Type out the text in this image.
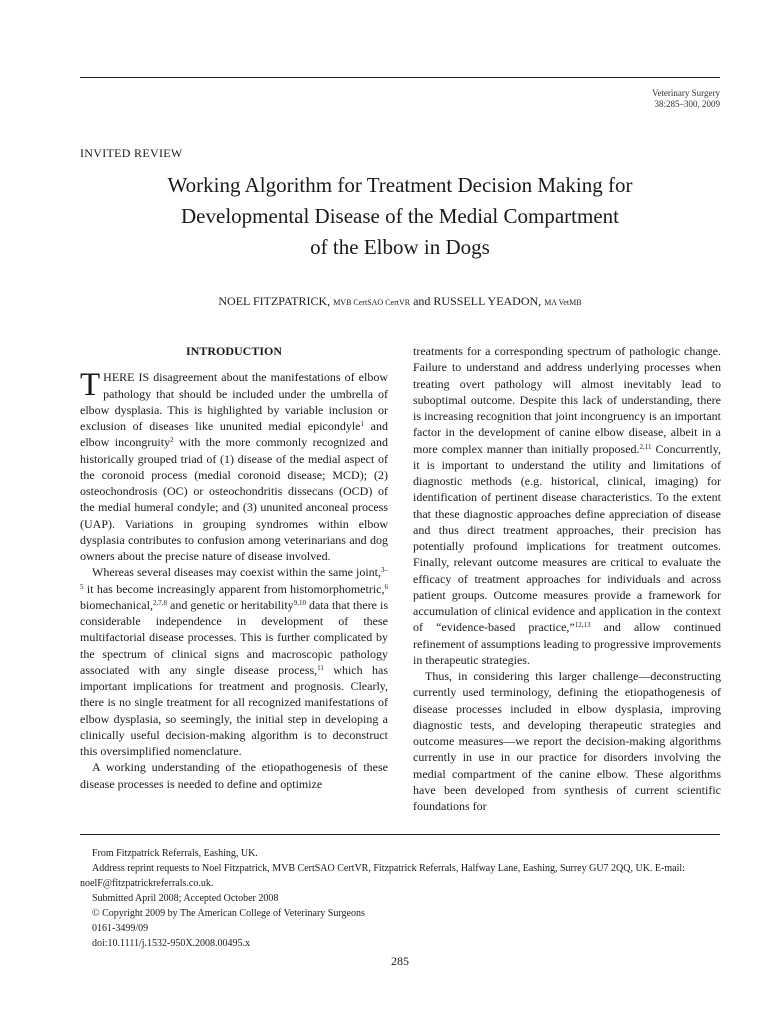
Veterinary Surgery
38:285–300, 2009
INVITED REVIEW
Working Algorithm for Treatment Decision Making for
Developmental Disease of the Medial Compartment
of the Elbow in Dogs
NOEL FITZPATRICK, MVB CertSAO CertVR and RUSSELL YEADON, MA VetMB
INTRODUCTION

THERE IS disagreement about the manifestations of elbow pathology that should be included under the umbrella of elbow dysplasia. This is highlighted by variable inclusion or exclusion of diseases like ununited medial epicondyle$^1$ and elbow incongruity$^2$ with the more commonly recognized and historically grouped triad of (1) disease of the medial aspect of the coronoid process (medial coronoid disease; MCD); (2) osteochondrosis (OC) or osteochondritis dissecans (OCD) of the medial humeral condyle; and (3) ununited anconeal process (UAP). Variations in grouping syndromes within elbow dysplasia contributes to confusion among veterinarians and dog owners about the precise nature of disease involved.

Whereas several diseases may coexist within the same joint,$^{3-5}$ it has become increasingly apparent from histomorphometric,$^6$ biomechanical,$^{2,7,8}$ and genetic or heritability$^{9,10}$ data that there is considerable independence in development of these multifactorial disease processes. This is further complicated by the spectrum of clinical signs and macroscopic pathology associated with any single disease process,$^{11}$ which has important implications for treatment and prognosis. Clearly, there is no single treatment for all recognized manifestations of elbow dysplasia, so seemingly, the initial step in developing a clinically useful decision-making algorithm is to deconstruct this oversimplified nomenclature.

A working understanding of the etiopathogenesis of these disease processes is needed to define and optimize

treatments for a corresponding spectrum of pathologic change. Failure to understand and address underlying processes when treating overt pathology will almost inevitably lead to suboptimal outcome. Despite this lack of understanding, there is increasing recognition that joint incongruency is an important factor in the development of canine elbow disease, albeit in a more complex manner than initially proposed.$^{2,11}$ Concurrently, it is important to understand the utility and limitations of diagnostic methods (e.g. historical, clinical, imaging) for identification of pertinent disease characteristics. To the extent that these diagnostic approaches define appreciation of disease and thus direct treatment approaches, their precision has potentially profound implications for treatment outcomes. Finally, relevant outcome measures are critical to evaluate the efficacy of treatment approaches for individuals and across patient groups. Outcome measures provide a framework for accumulation of clinical evidence and application in the context of “evidence-based practice,”$^{12,13}$ and allow continued refinement of assumptions leading to progressive improvements in therapeutic strategies.

Thus, in considering this larger challenge—deconstructing currently used terminology, defining the etiopathogenesis of disease processes included in elbow dysplasia, improving diagnostic tests, and developing therapeutic strategies and outcome measures—we report the decision-making algorithms currently in use in our practice for disorders involving the medial compartment of the canine elbow. These algorithms have been developed from synthesis of current scientific foundations for

From Fitzpatrick Referrals, Eashing, UK.

Address reprint requests to Noel Fitzpatrick, MVB CertSAO CertVR, Fitzpatrick Referrals, Halfway Lane, Eashing, Surrey GU7 2QQ, UK. E-mail: noelF@fitzpatrickreferrals.co.uk.

Submitted April 2008; Accepted October 2008

© Copyright 2009 by The American College of Veterinary Surgeons

0161-3499/09

doi:10.1111/j.1532-950X.2008.00495.x

285
